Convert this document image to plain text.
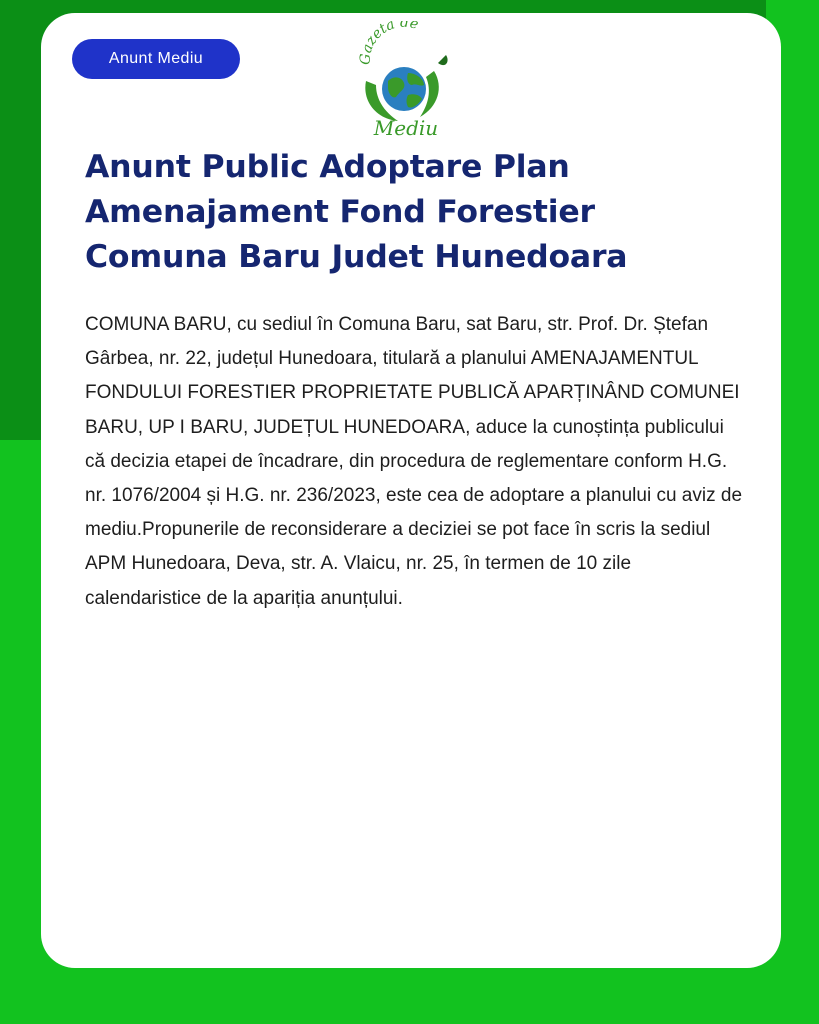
Anunt Mediu	Gazeta de
Mediu
Anunt Public Adoptare Plan Amenajament Fond Forestier Comuna Baru Judet Hunedoara

COMUNA BARU, cu sediul în Comuna Baru, sat Baru, str. Prof. Dr. Ștefan Gârbea, nr. 22, județul Hunedoara, titulară a planului AMENAJAMENTUL FONDULUI FORESTIER PROPRIETATE PUBLICĂ APARȚINÂND COMUNEI BARU, UP I BARU, JUDEȚUL HUNEDOARA, aduce la cunoștința publicului că decizia etapei de încadrare, din procedura de reglementare conform H.G. nr. 1076/2004 și H.G. nr. 236/2023, este cea de adoptare a planului cu aviz de mediu.Propunerile de reconsiderare a deciziei se pot face în scris la sediul APM Hunedoara, Deva, str. A. Vlaicu, nr. 25, în termen de 10 zile calendaristice de la apariția anunțului.
